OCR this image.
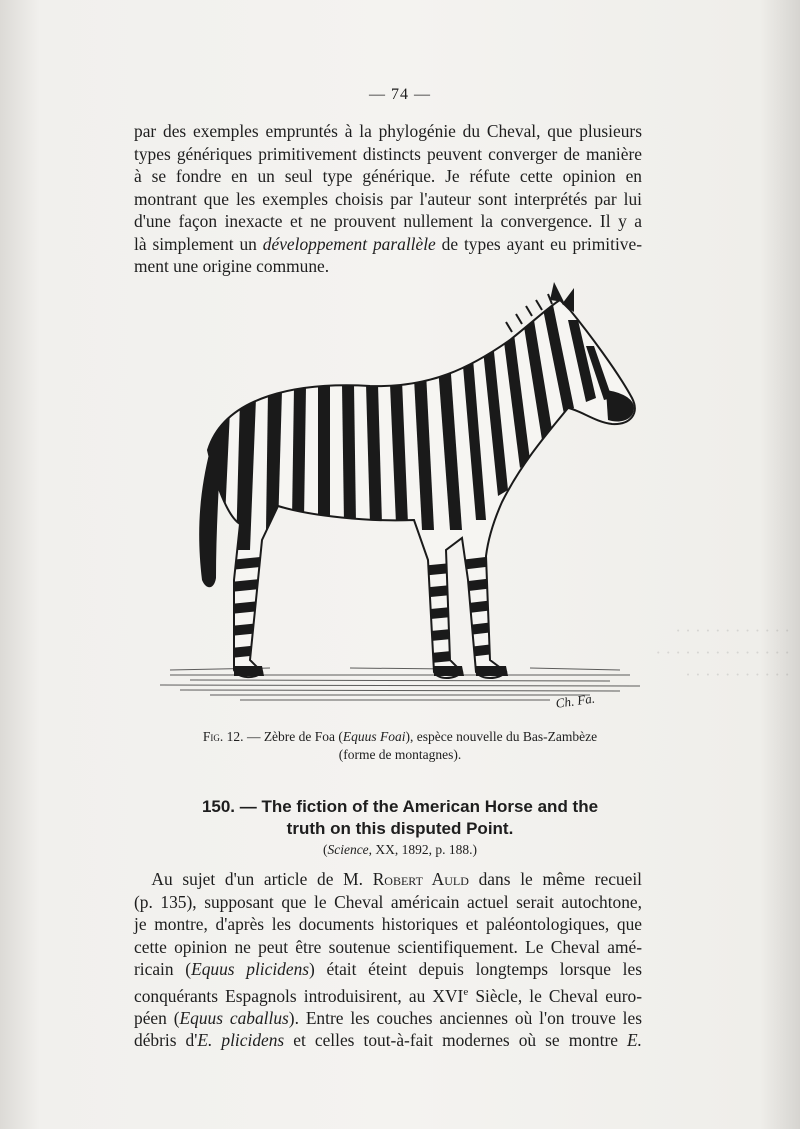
— 74 —
par des exemples empruntés à la phylogénie du Cheval, que plusieurs
types génériques primitivement distincts peuvent converger de manière
à se fondre en un seul type générique. Je réfute cette opinion en
montrant que les exemples choisis par l'auteur sont interprétés par lui
d'une façon inexacte et ne prouvent nullement la convergence. Il y a
là simplement un développement parallèle de types ayant eu primitive-
ment une origine commune.
· · · · · · · · · · · ·
· · · · · · · · · · · · · ·
· · · · · · · · · · ·
Ch. Fa.
Fig. 12. — Zèbre de Foa (Equus Foai), espèce nouvelle du Bas-Zambèze
(forme de montagnes).
150. — The fiction of the American Horse and the
truth on this disputed Point.
(Science, XX, 1892, p. 188.)
 Au sujet d'un article de M. Robert Auld dans le même recueil
(p. 135), supposant que le Cheval américain actuel serait autochtone,
je montre, d'après les documents historiques et paléontologiques, que
cette opinion ne peut être soutenue scientifiquement. Le Cheval amé-
ricain (Equus plicidens) était éteint depuis longtemps lorsque les
conquérants Espagnols introduisirent, au XVIe Siècle, le Cheval euro-
péen (Equus caballus). Entre les couches anciennes où l'on trouve les
débris d'E. plicidens et celles tout-à-fait modernes où se montre E.
